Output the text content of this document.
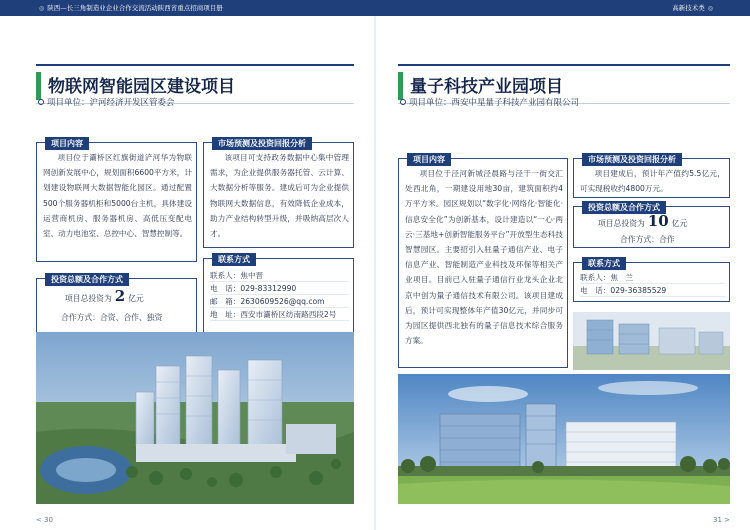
◎ 陕西—长三角制造业企业合作交流活动陕西省重点招商项目册	高新技术类 ◎
物联网智能园区建设项目
项目单位：沪河经济开发区管委会
项目内容

项目位于灞桥区红旗街道浐河华为物联网创新发展中心，规划面积6600平方米，计划建设物联网大数据智能化园区。通过配置500个服务器机柜和5000台主机，具体建设运营商机房、服务器机房、高低压变配电室、动力电池室、总控中心、智慧控制等。

市场预测及投资回报分析

该项目可支持政务数据中心集中管理需求，为企业提供服务器托管、云计算、大数据分析等服务。建成后可为企业提供物联网大数据信息，有效降低企业成本，助力产业结构转型升级，并吸纳高层次人才。

投资总额及合作方式
项目总投资为 2 亿元
合作方式：合资、合作、独资
联系方式
联系人：焦中晋
电　话：029-83312990
邮　箱：2630609526@qq.com
地　址：西安市灞桥区纺南路西段2号
< 30
量子科技产业园项目
项目单位：西安中星量子科技产业园有限公司
项目内容

项目位于泾河新城泾晨路与泾干一街交汇处西北角，一期建设用地30亩，建筑面积约4万平方米。园区规划以“数字化·网络化·智能化·信息安全化”为创新基本，设计建造以“一心·两云·三基地+创新智能服务平台”开放型生态科技智慧园区。主要招引入驻量子通信产业、电子信息产业、智能制造产业科技及环保等相关产业项目。目前已入驻量子通信行业龙头企业北京中创为量子通信技术有限公司。该项目建成后，预计可实现整体年产值30亿元，并同步可为园区提供西北独有的量子信息技术综合服务方案。

市场预测及投资回报分析

项目建成后，预计年产值约5.5亿元，可实现税收约4800万元。

投资总额及合作方式
项目总投资为 10 亿元
合作方式：合作
联系方式
联系人：焦　兰
电　话：029-36385529
31 >
